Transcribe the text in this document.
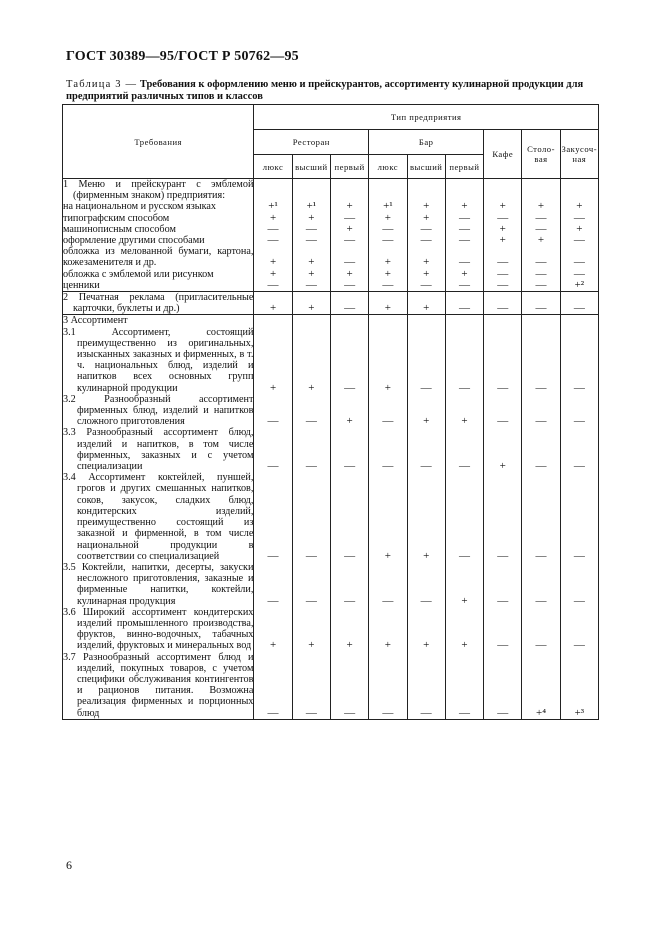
ГОСТ 30389—95/ГОСТ Р 50762—95
Таблица 3 — Требования к оформлению меню и прейскурантов, ассортименту кулинарной продукции для предприятий различных типов и классов
Требования	Тип предприятия								
	Ресторан			Бар			Кафе	Столо-вая	Закусоч-ная
	люкс	высший	первый	люкс	высший	первый			

1 Меню и прейскурант с эмблемой (фирменным знаком) предприятия:									

на национальном и русском языках	+¹	+¹	+	+¹	+	+	+	+	+

типографским способом	+	+	—	+	+	—	—	—	—

машинописным способом	—	—	+	—	—	—	+	—	+

оформление другими способами	—	—	—	—	—	—	+	+	—

обложка из мелованной бумаги, картона, кожезаменителя и др.	+	+	—	+	+	—	—	—	—

обложка с эмблемой или рисунком	+	+	+	+	+	+	—	—	—

ценники	—	—	—	—	—	—	—	—	+²

2 Печатная реклама (пригласительные карточки, буклеты и др.)	+	+	—	+	+	—	—	—	—

3 Ассортимент									

3.1 Ассортимент, состоящий преимущественно из оригинальных, изысканных заказных и фирменных, в т. ч. национальных блюд, изделий и напитков всех основных групп кулинарной продукции	+	+	—	+	—	—	—	—	—

3.2 Разнообразный ассортимент фирменных блюд, изделий и напитков сложного приготовления	—	—	+	—	+	+	—	—	—

3.3 Разнообразный ассортимент блюд, изделий и напитков, в том числе фирменных, заказных и с учетом специализации	—	—	—	—	—	—	+	—	—

3.4 Ассортимент коктейлей, пуншей, грогов и других смешанных напитков, соков, закусок, сладких блюд, кондитерских изделий, преимущественно состоящий из заказной и фирменной, в том числе национальной продукции в соответствии со специализацией	—	—	—	+	+	—	—	—	—

3.5 Коктейли, напитки, десерты, закуски несложного приготовления, заказные и фирменные напитки, коктейли, кулинарная продукция	—	—	—	—	—	+	—	—	—

3.6 Широкий ассортимент кондитерских изделий промышленного производства, фруктов, винно-водочных, табачных изделий, фруктовых и минеральных вод	+	+	+	+	+	+	—	—	—

3.7 Разнообразный ассортимент блюд и изделий, покупных товаров, с учетом специфики обслуживания контингентов и рационов питания. Возможна реализация фирменных и порционных блюд	—	—	—	—	—	—	—	+⁴	+³
6
